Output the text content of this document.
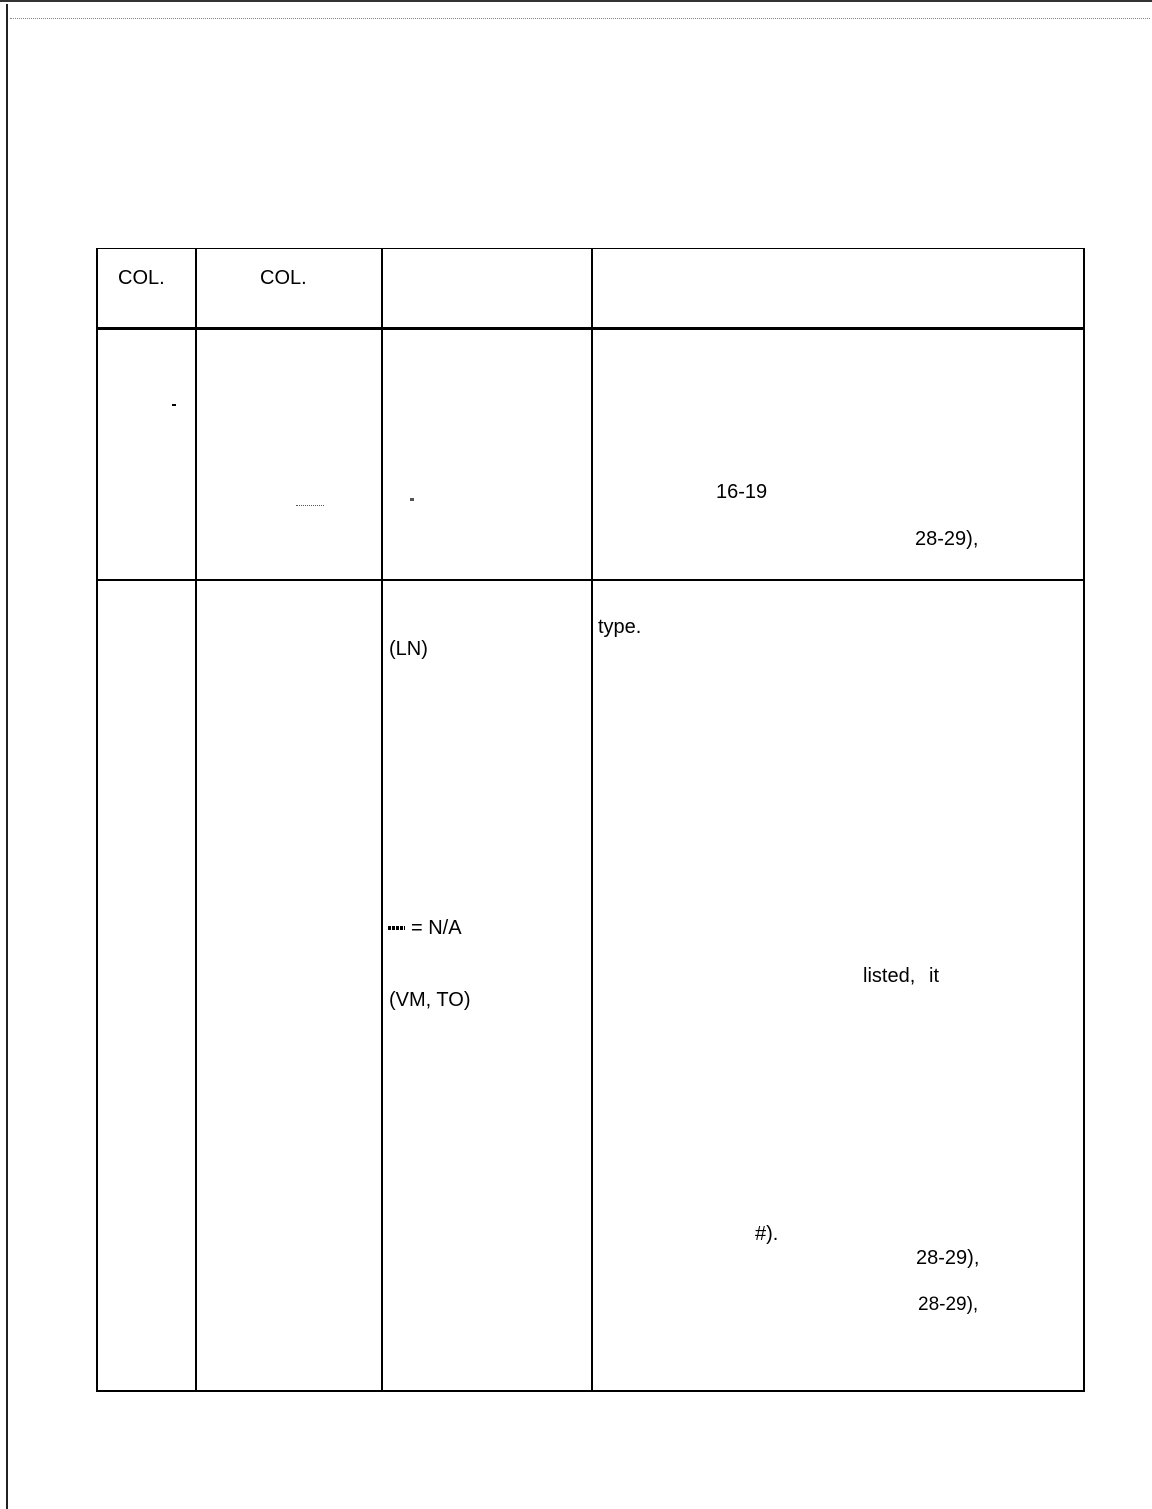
COL.	COL.
16-19
28-29),
(LN)
= N/A
(VM, TO)
type.
listed, it
#).
28-29),
28-29),
